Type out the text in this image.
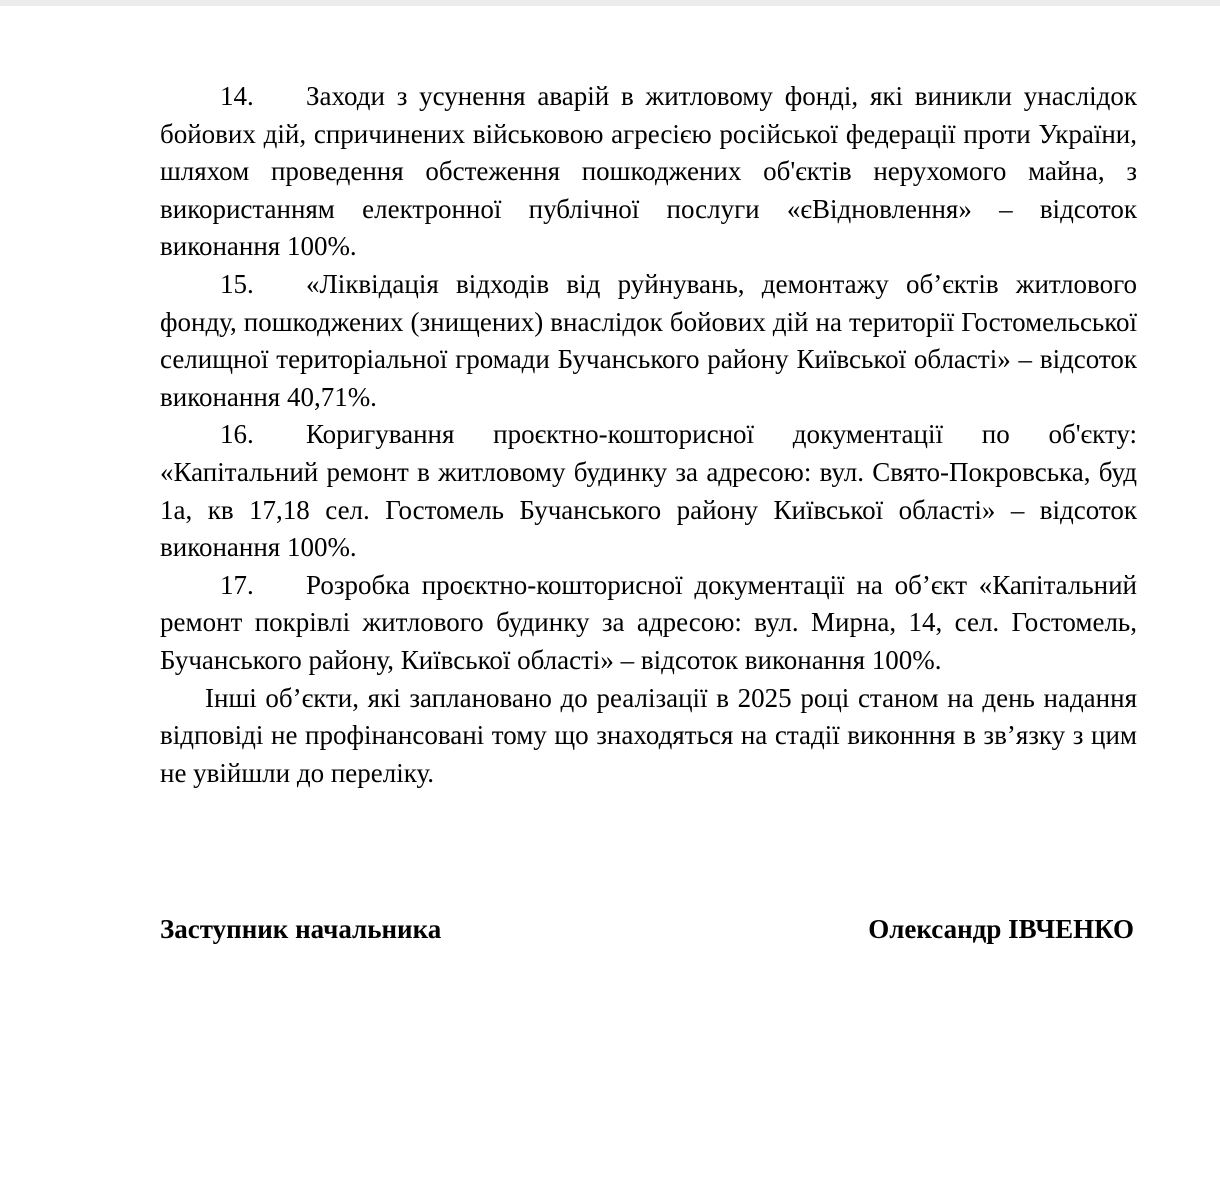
14. Заходи з усунення аварій в житловому фонді, які виникли унаслідок бойових дій, спричинених військовою агресією російської федерації проти України, шляхом проведення обстеження пошкоджених об'єктів нерухомого майна, з використанням електронної публічної послуги «єВідновлення» – відсоток виконання 100%.

15. «Ліквідація відходів від руйнувань, демонтажу об’єктів житлового фонду, пошкоджених (знищених) внаслідок бойових дій на території Гостомельської селищної територіальної громади Бучанського району Київської області» – відсоток виконання 40,71%.

16. Коригування проєктно-кошторисної документації по об'єкту: «Капітальний ремонт в житловому будинку за адресою: вул. Свято-Покровська, буд 1а, кв 17,18 сел. Гостомель Бучанського району Київської області» – відсоток виконання 100%.

17. Розробка проєктно-кошторисної документації на об’єкт «Капітальний ремонт покрівлі житлового будинку за адресою: вул. Мирна, 14, сел. Гостомель, Бучанського району, Київської області» – відсоток виконання 100%.

Інші об’єкти, які заплановано до реалізації в 2025 році станом на день надання відповіді не профінансовані тому що знаходяться на стадії виконння в зв’язку з цим не увійшли до переліку.

Заступник начальника	Олександр ІВЧЕНКО
